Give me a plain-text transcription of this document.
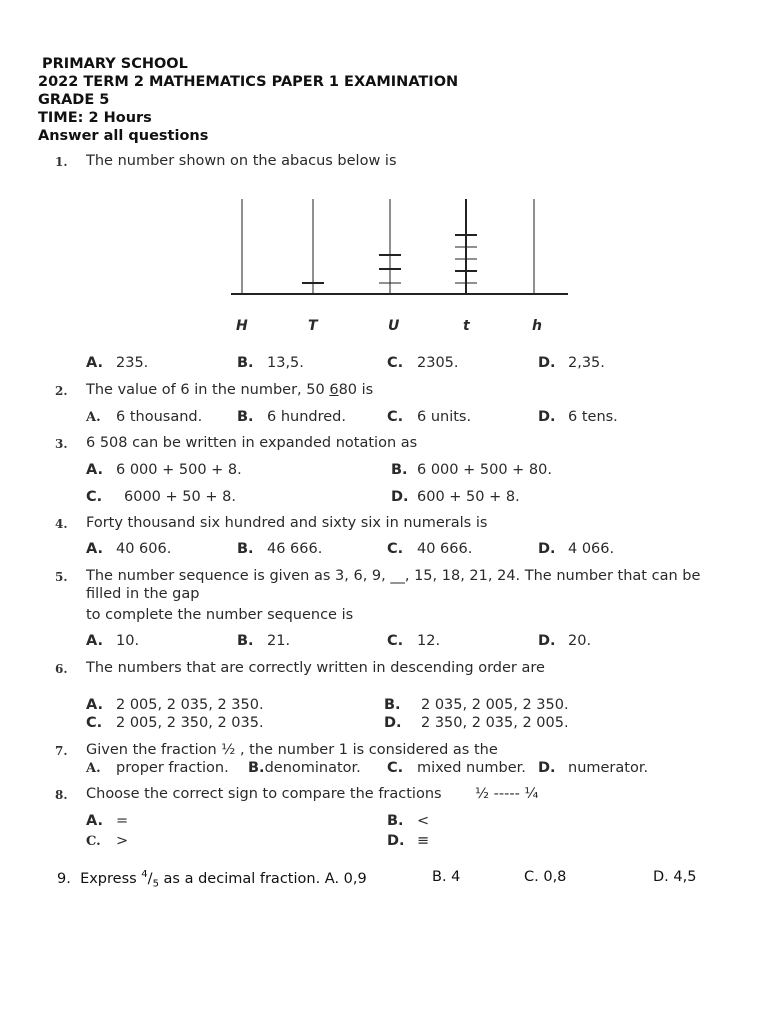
PRIMARY SCHOOL
2022 TERM 2 MATHEMATICS PAPER 1 EXAMINATION
GRADE 5
TIME: 2 Hours
Answer all questions
1. The number shown on the abacus below is
H	T	U	t	h
A. 235.	B. 13,5.	C. 2305.	D. 2,35.
2. The value of 6 in the number, 50 680 is
A. 6 thousand. B. 6 hundred.	C. 6 units.	D. 6 tens.
3. 6 508 can be written in expanded notation as
A. 6 000 + 500 + 8.	B. 6 000 + 500 + 80.
C. 6000 + 50 + 8.	D. 600 + 50 + 8.
4. Forty thousand six hundred and sixty six in numerals is
A. 40 606.	B. 46 666.	C. 40 666.	D. 4 066.
5. The number sequence is given as 3, 6, 9, __, 15, 18, 21, 24. The number that can be
filled in the gap
to complete the number sequence is
A. 10.	B. 21.	C. 12.	D. 20.
6. The numbers that are correctly written in descending order are
A. 2 005, 2 035, 2 350.	B. 2 035, 2 005, 2 350.
C. 2 005, 2 350, 2 035.	D. 2 350, 2 035, 2 005.
7. Given the fraction ½ , the number 1 is considered as the
A. proper fraction. B.denominator. C. mixed number. D. numerator.
8. Choose the correct sign to compare the fractions ½ ----- ¼
A. =	B. <
C. >	D. ≡
9. Express $^4/_5$ as a decimal fraction. A. 0,9	B. 4	C. 0,8	D. 4,5
